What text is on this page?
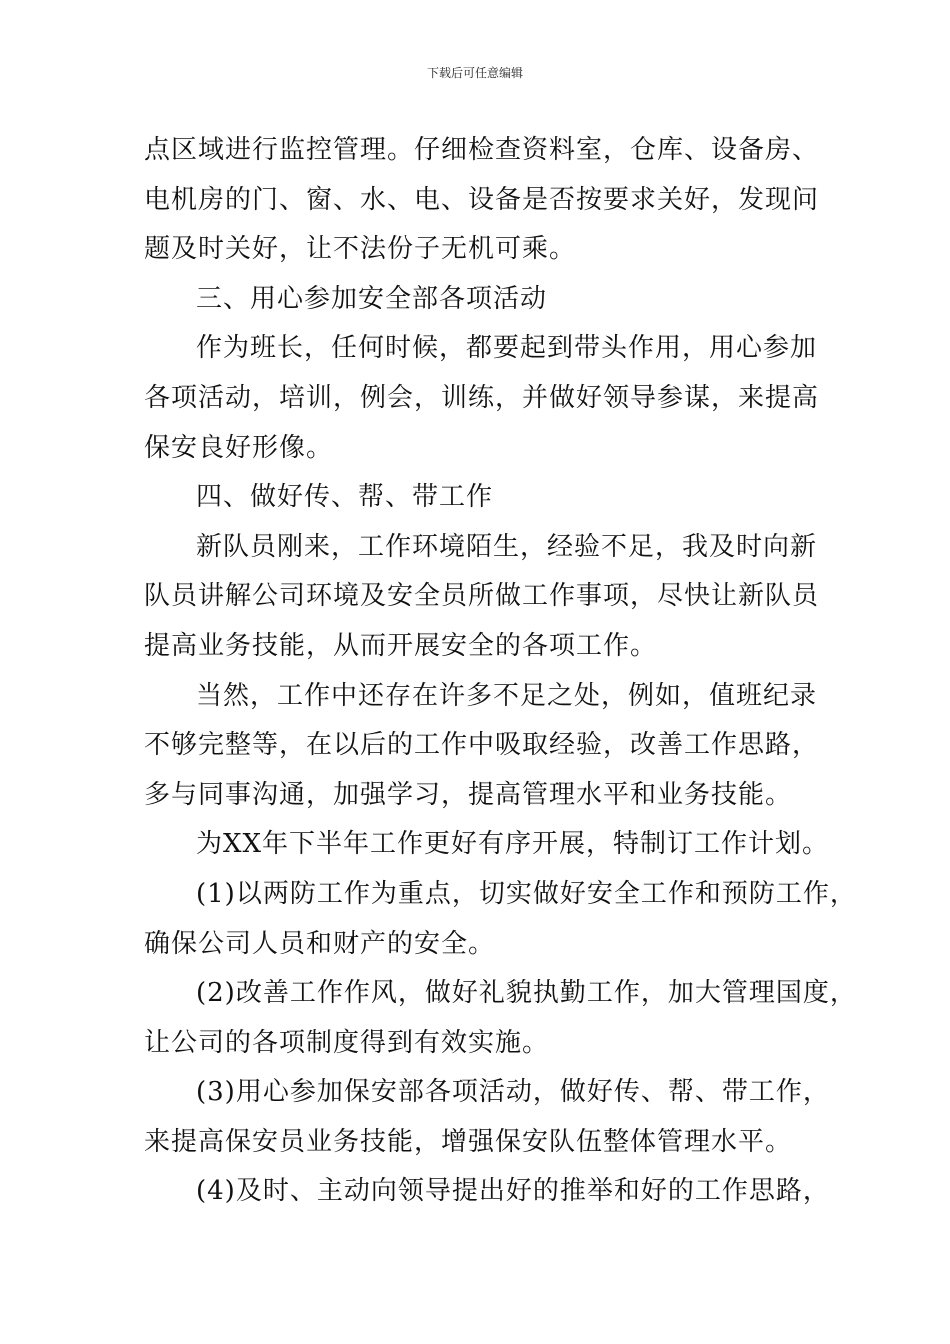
下载后可任意编辑

点区域进行监控管理。仔细检查资料室，仓库、设备房、
电机房的门、窗、水、电、设备是否按要求关好，发现问
题及时关好，让不法份子无机可乘。

三、用心参加安全部各项活动

作为班长，任何时候，都要起到带头作用，用心参加
各项活动，培训，例会，训练，并做好领导参谋，来提高
保安良好形像。

四、做好传、帮、带工作

新队员刚来，工作环境陌生，经验不足，我及时向新
队员讲解公司环境及安全员所做工作事项，尽快让新队员
提高业务技能，从而开展安全的各项工作。

当然，工作中还存在许多不足之处，例如，值班纪录
不够完整等，在以后的工作中吸取经验，改善工作思路，
多与同事沟通，加强学习，提高管理水平和业务技能。

为XX年下半年工作更好有序开展，特制订工作计划。

(1)以两防工作为重点，切实做好安全工作和预防工作，
确保公司人员和财产的安全。

(2)改善工作作风，做好礼貌执勤工作，加大管理国度，
让公司的各项制度得到有效实施。

(3)用心参加保安部各项活动，做好传、帮、带工作，
来提高保安员业务技能，增强保安队伍整体管理水平。

(4)及时、主动向领导提出好的推举和好的工作思路，
